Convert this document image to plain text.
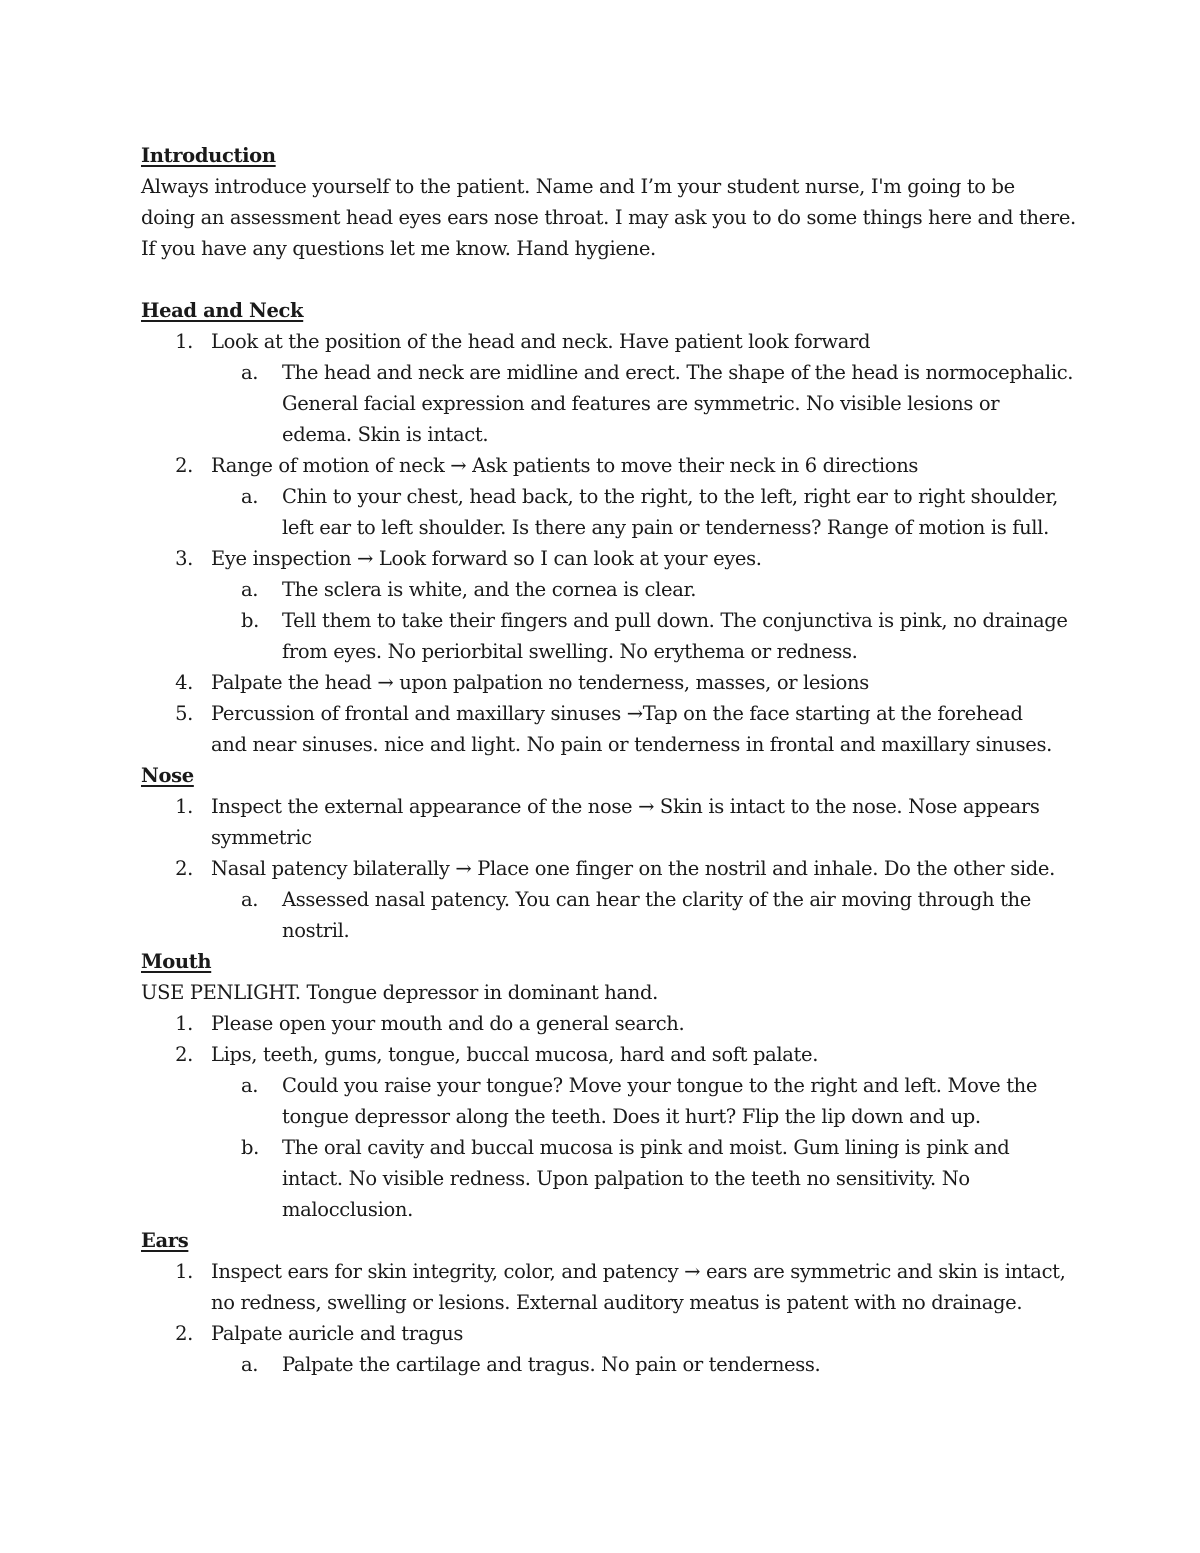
Introduction
Always introduce yourself to the patient. Name and I’m your student nurse, I'm going to be
doing an assessment head eyes ears nose throat. I may ask you to do some things here and there.
If you have any questions let me know. Hand hygiene.
Head and Neck
1. Look at the position of the head and neck. Have patient look forward
a. The head and neck are midline and erect. The shape of the head is normocephalic.
General facial expression and features are symmetric. No visible lesions or
edema. Skin is intact.
2. Range of motion of neck → Ask patients to move their neck in 6 directions
a. Chin to your chest, head back, to the right, to the left, right ear to right shoulder,
left ear to left shoulder. Is there any pain or tenderness? Range of motion is full.
3. Eye inspection → Look forward so I can look at your eyes.
a. The sclera is white, and the cornea is clear.
b. Tell them to take their fingers and pull down. The conjunctiva is pink, no drainage
from eyes. No periorbital swelling. No erythema or redness.
4. Palpate the head → upon palpation no tenderness, masses, or lesions
5. Percussion of frontal and maxillary sinuses →Tap on the face starting at the forehead
and near sinuses. nice and light. No pain or tenderness in frontal and maxillary sinuses.
Nose
1. Inspect the external appearance of the nose → Skin is intact to the nose. Nose appears
symmetric
2. Nasal patency bilaterally → Place one finger on the nostril and inhale. Do the other side.
a. Assessed nasal patency. You can hear the clarity of the air moving through the
nostril.
Mouth
USE PENLIGHT. Tongue depressor in dominant hand.
1. Please open your mouth and do a general search.
2. Lips, teeth, gums, tongue, buccal mucosa, hard and soft palate.
a. Could you raise your tongue? Move your tongue to the right and left. Move the
tongue depressor along the teeth. Does it hurt? Flip the lip down and up.
b. The oral cavity and buccal mucosa is pink and moist. Gum lining is pink and
intact. No visible redness. Upon palpation to the teeth no sensitivity. No
malocclusion.
Ears
1. Inspect ears for skin integrity, color, and patency → ears are symmetric and skin is intact,
no redness, swelling or lesions. External auditory meatus is patent with no drainage.
2. Palpate auricle and tragus
a. Palpate the cartilage and tragus. No pain or tenderness.
